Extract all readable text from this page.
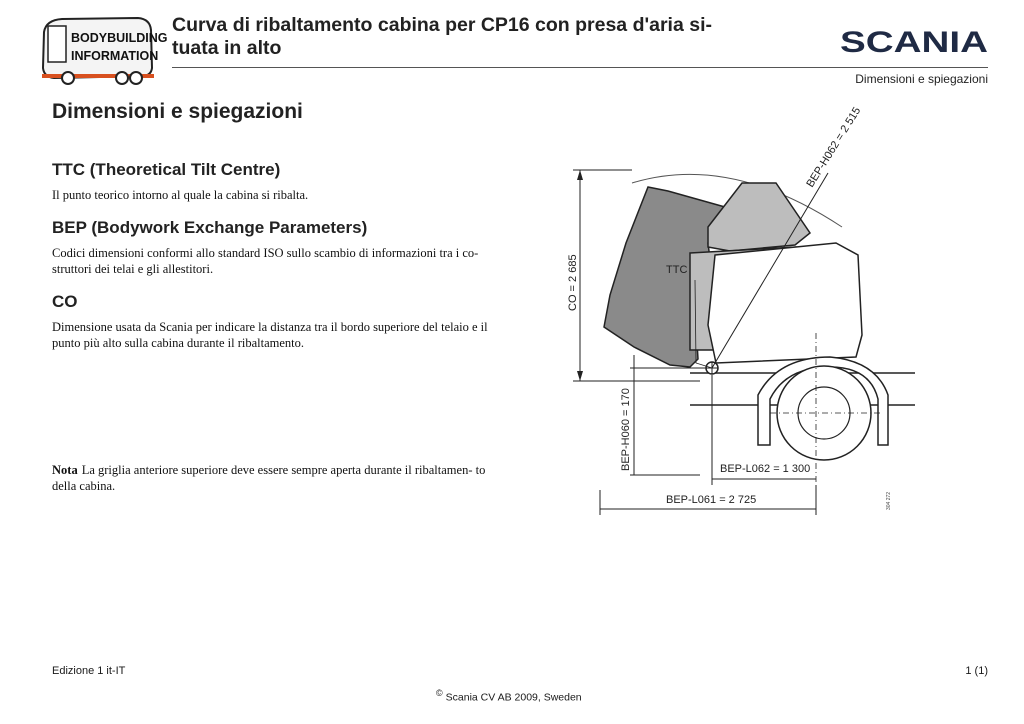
BODYBUILDING
INFORMATION
Curva di ribaltamento cabina per CP16 con presa d'aria si-
tuata in alto	SCANIA
Dimensioni e spiegazioni
Dimensioni e spiegazioni
TTC (Theoretical Tilt Centre)
Il punto teorico intorno al quale la cabina si ribalta.
BEP (Bodywork Exchange Parameters)
Codici dimensioni conformi allo standard ISO sullo scambio di informazioni tra i co- struttori dei telai e gli allestitori.
CO
Dimensione usata da Scania per indicare la distanza tra il bordo superiore del telaio e il punto più alto sulla cabina durante il ribaltamento.
Nota La griglia anteriore superiore deve essere sempre aperta durante il ribaltamen- to della cabina.
TTC
BEP-H062 = 2 515
CO = 2 685
BEP-H060 = 170	BEP-L062 = 1 300
BEP-L061 = 2 725	304 272
Edizione 1 it-IT	1 (1)
© Scania CV AB 2009, Sweden
